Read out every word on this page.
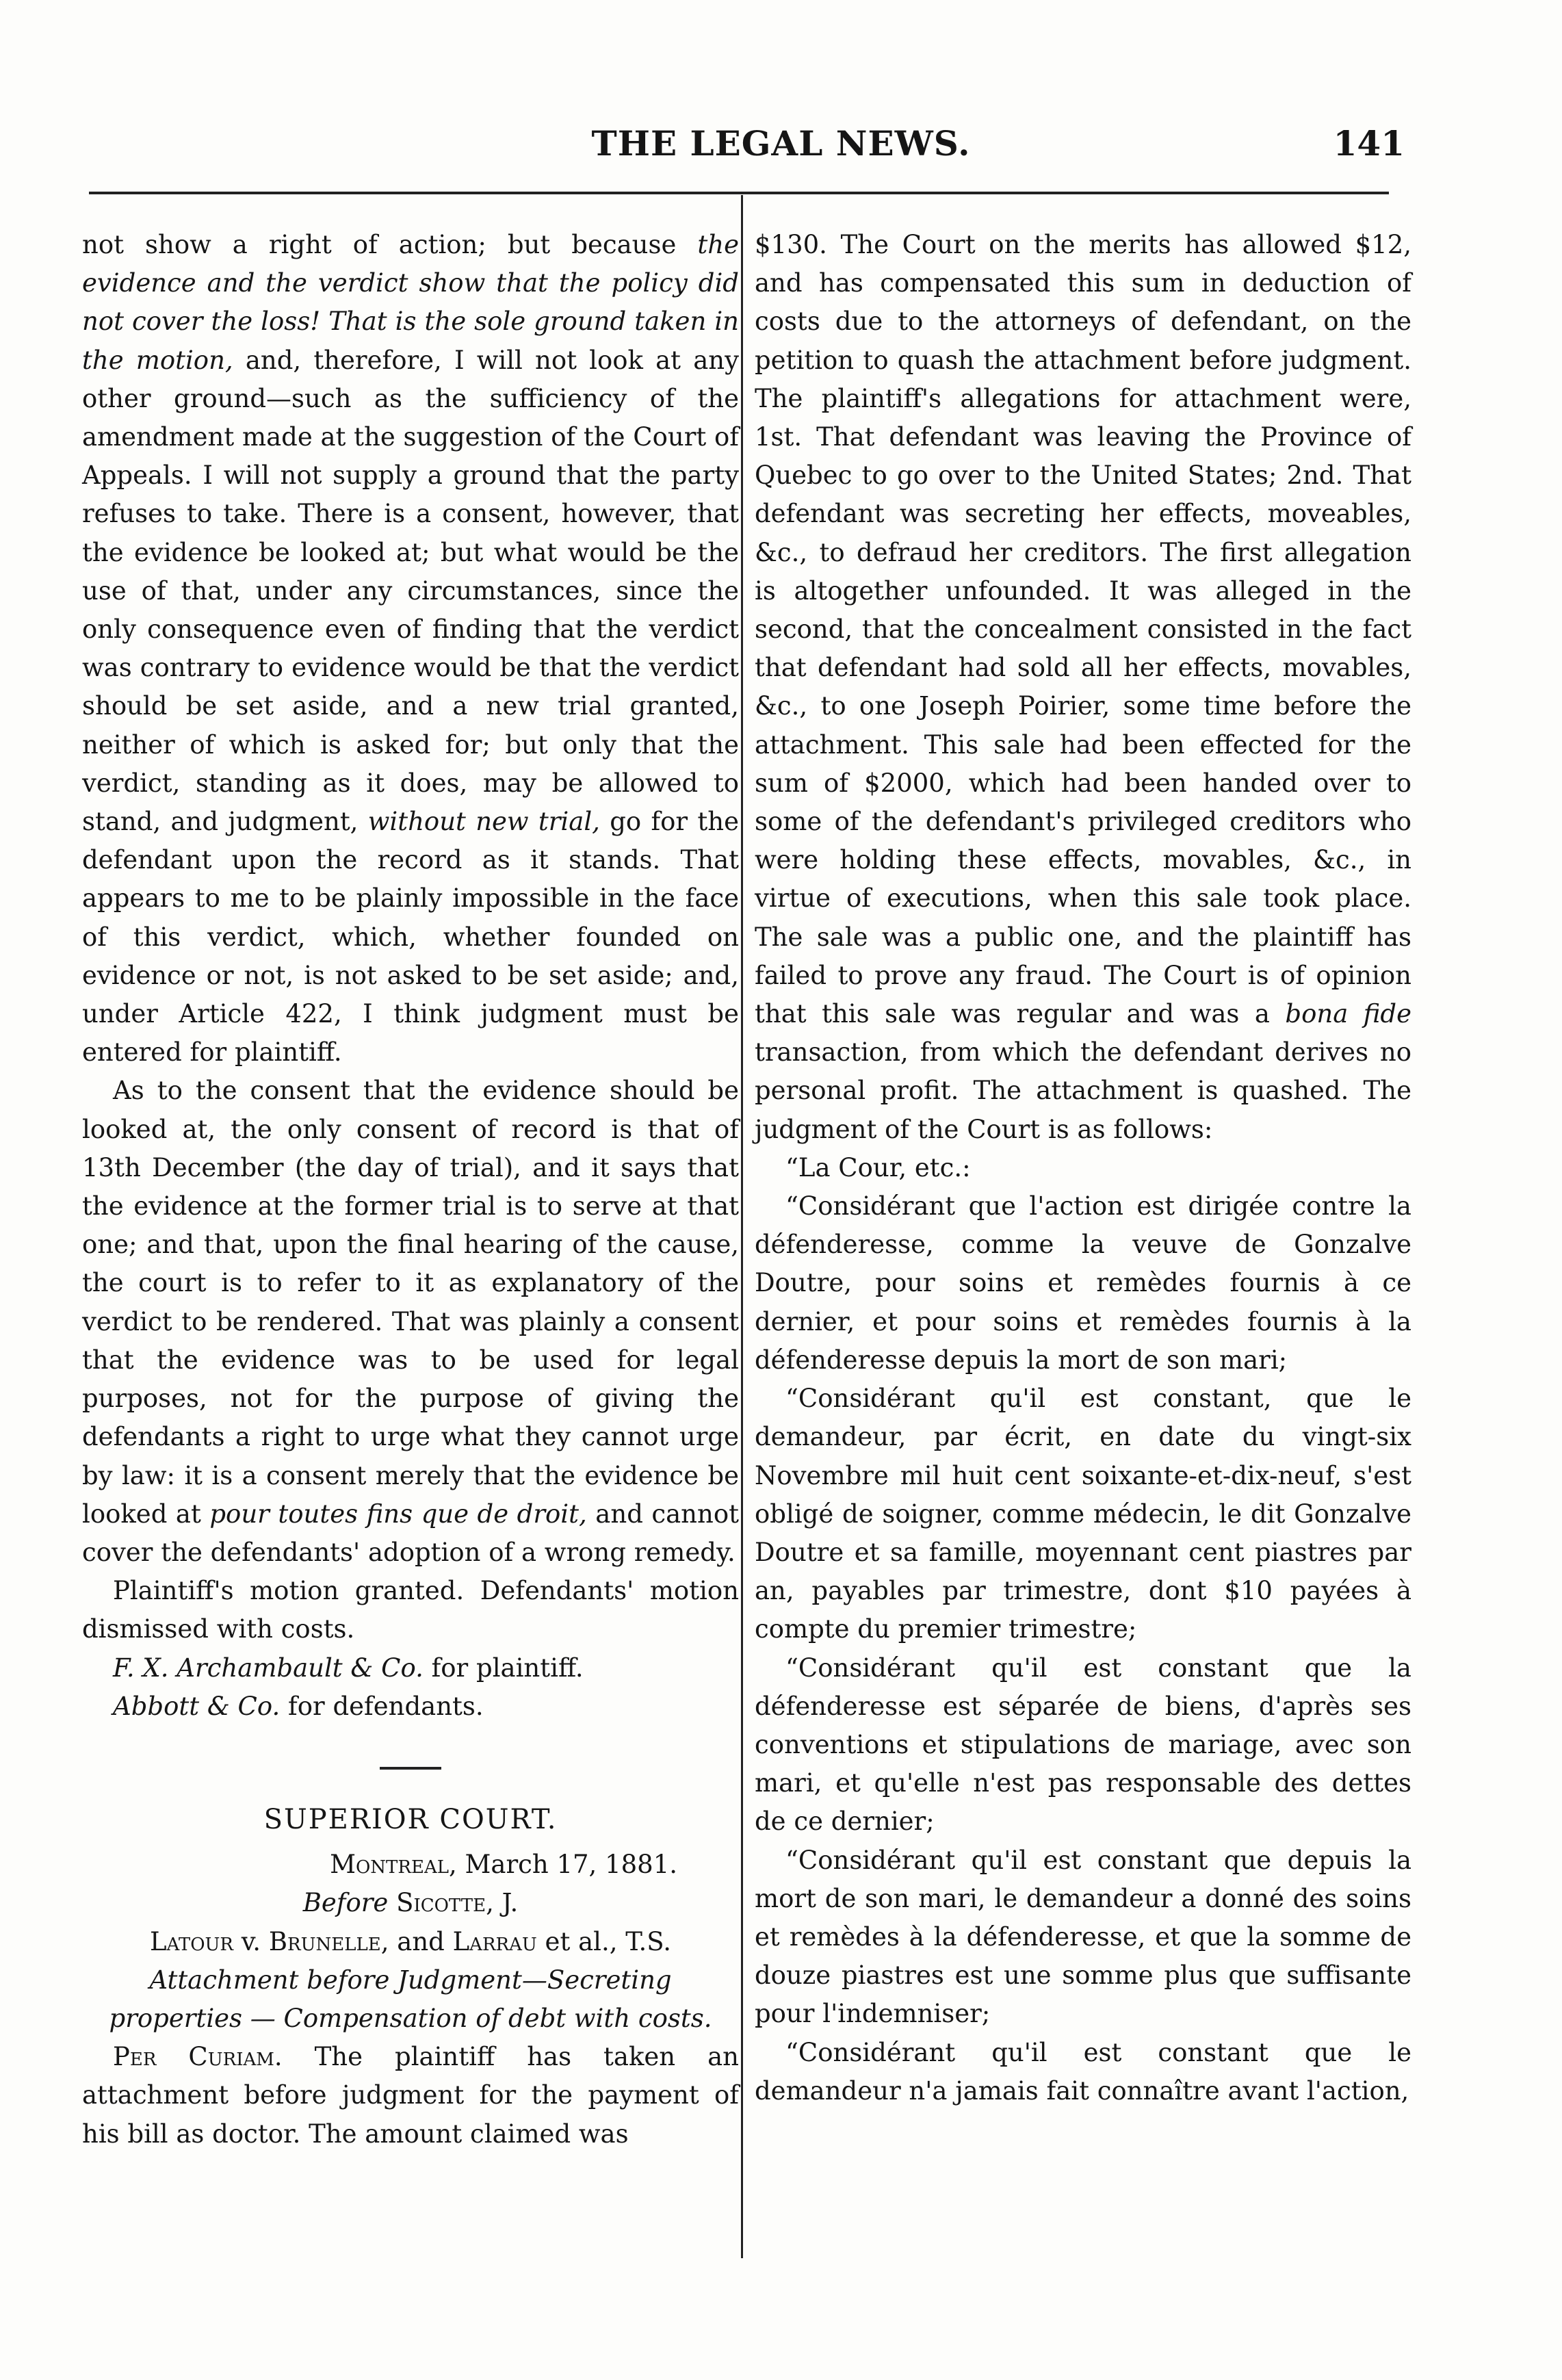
THE LEGAL NEWS.	141

not show a right of action; but because the evidence and the verdict show that the policy did not cover the loss! That is the sole ground taken in the motion, and, therefore, I will not look at any other ground—such as the sufficiency of the amendment made at the suggestion of the Court of Appeals. I will not supply a ground that the party refuses to take. There is a consent, however, that the evidence be looked at; but what would be the use of that, under any circumstances, since the only consequence even of finding that the verdict was contrary to evidence would be that the verdict should be set aside, and a new trial granted, neither of which is asked for; but only that the verdict, standing as it does, may be allowed to stand, and judgment, without new trial, go for the defendant upon the record as it stands. That appears to me to be plainly impossible in the face of this verdict, which, whether founded on evidence or not, is not asked to be set aside; and, under Article 422, I think judgment must be entered for plaintiff.

As to the consent that the evidence should be looked at, the only consent of record is that of 13th December (the day of trial), and it says that the evidence at the former trial is to serve at that one; and that, upon the final hearing of the cause, the court is to refer to it as explanatory of the verdict to be rendered. That was plainly a consent that the evidence was to be used for legal purposes, not for the purpose of giving the defendants a right to urge what they cannot urge by law: it is a consent merely that the evidence be looked at pour toutes fins que de droit, and cannot cover the defendants' adoption of a wrong remedy.

Plaintiff's motion granted. Defendants' motion dismissed with costs.

F. X. Archambault & Co. for plaintiff.

Abbott & Co. for defendants.

SUPERIOR COURT.

Montreal, March 17, 1881.

Before Sicotte, J.

Latour v. Brunelle, and Larrau et al., T.S.

Attachment before Judgment—Secreting properties — Compensation of debt with costs.

Per Curiam. The plaintiff has taken an attachment before judgment for the payment of his bill as doctor. The amount claimed was

$130. The Court on the merits has allowed $12, and has compensated this sum in deduction of costs due to the attorneys of defendant, on the petition to quash the attachment before judgment. The plaintiff's allegations for attachment were, 1st. That defendant was leaving the Province of Quebec to go over to the United States; 2nd. That defendant was secreting her effects, moveables, &c., to defraud her creditors. The first allegation is altogether unfounded. It was alleged in the second, that the concealment consisted in the fact that defendant had sold all her effects, movables, &c., to one Joseph Poirier, some time before the attachment. This sale had been effected for the sum of $2000, which had been handed over to some of the defendant's privileged creditors who were holding these effects, movables, &c., in virtue of executions, when this sale took place. The sale was a public one, and the plaintiff has failed to prove any fraud. The Court is of opinion that this sale was regular and was a bona fide transaction, from which the defendant derives no personal profit. The attachment is quashed. The judgment of the Court is as follows:

“La Cour, etc.:

“Considérant que l'action est dirigée contre la défenderesse, comme la veuve de Gonzalve Doutre, pour soins et remèdes fournis à ce dernier, et pour soins et remèdes fournis à la défenderesse depuis la mort de son mari;

“Considérant qu'il est constant, que le demandeur, par écrit, en date du vingt-six Novembre mil huit cent soixante-et-dix-neuf, s'est obligé de soigner, comme médecin, le dit Gonzalve Doutre et sa famille, moyennant cent piastres par an, payables par trimestre, dont $10 payées à compte du premier trimestre;

“Considérant qu'il est constant que la défenderesse est séparée de biens, d'après ses conventions et stipulations de mariage, avec son mari, et qu'elle n'est pas responsable des dettes de ce dernier;

“Considérant qu'il est constant que depuis la mort de son mari, le demandeur a donné des soins et remèdes à la défenderesse, et que la somme de douze piastres est une somme plus que suffisante pour l'indemniser;

“Considérant qu'il est constant que le demandeur n'a jamais fait connaître avant l'action,
